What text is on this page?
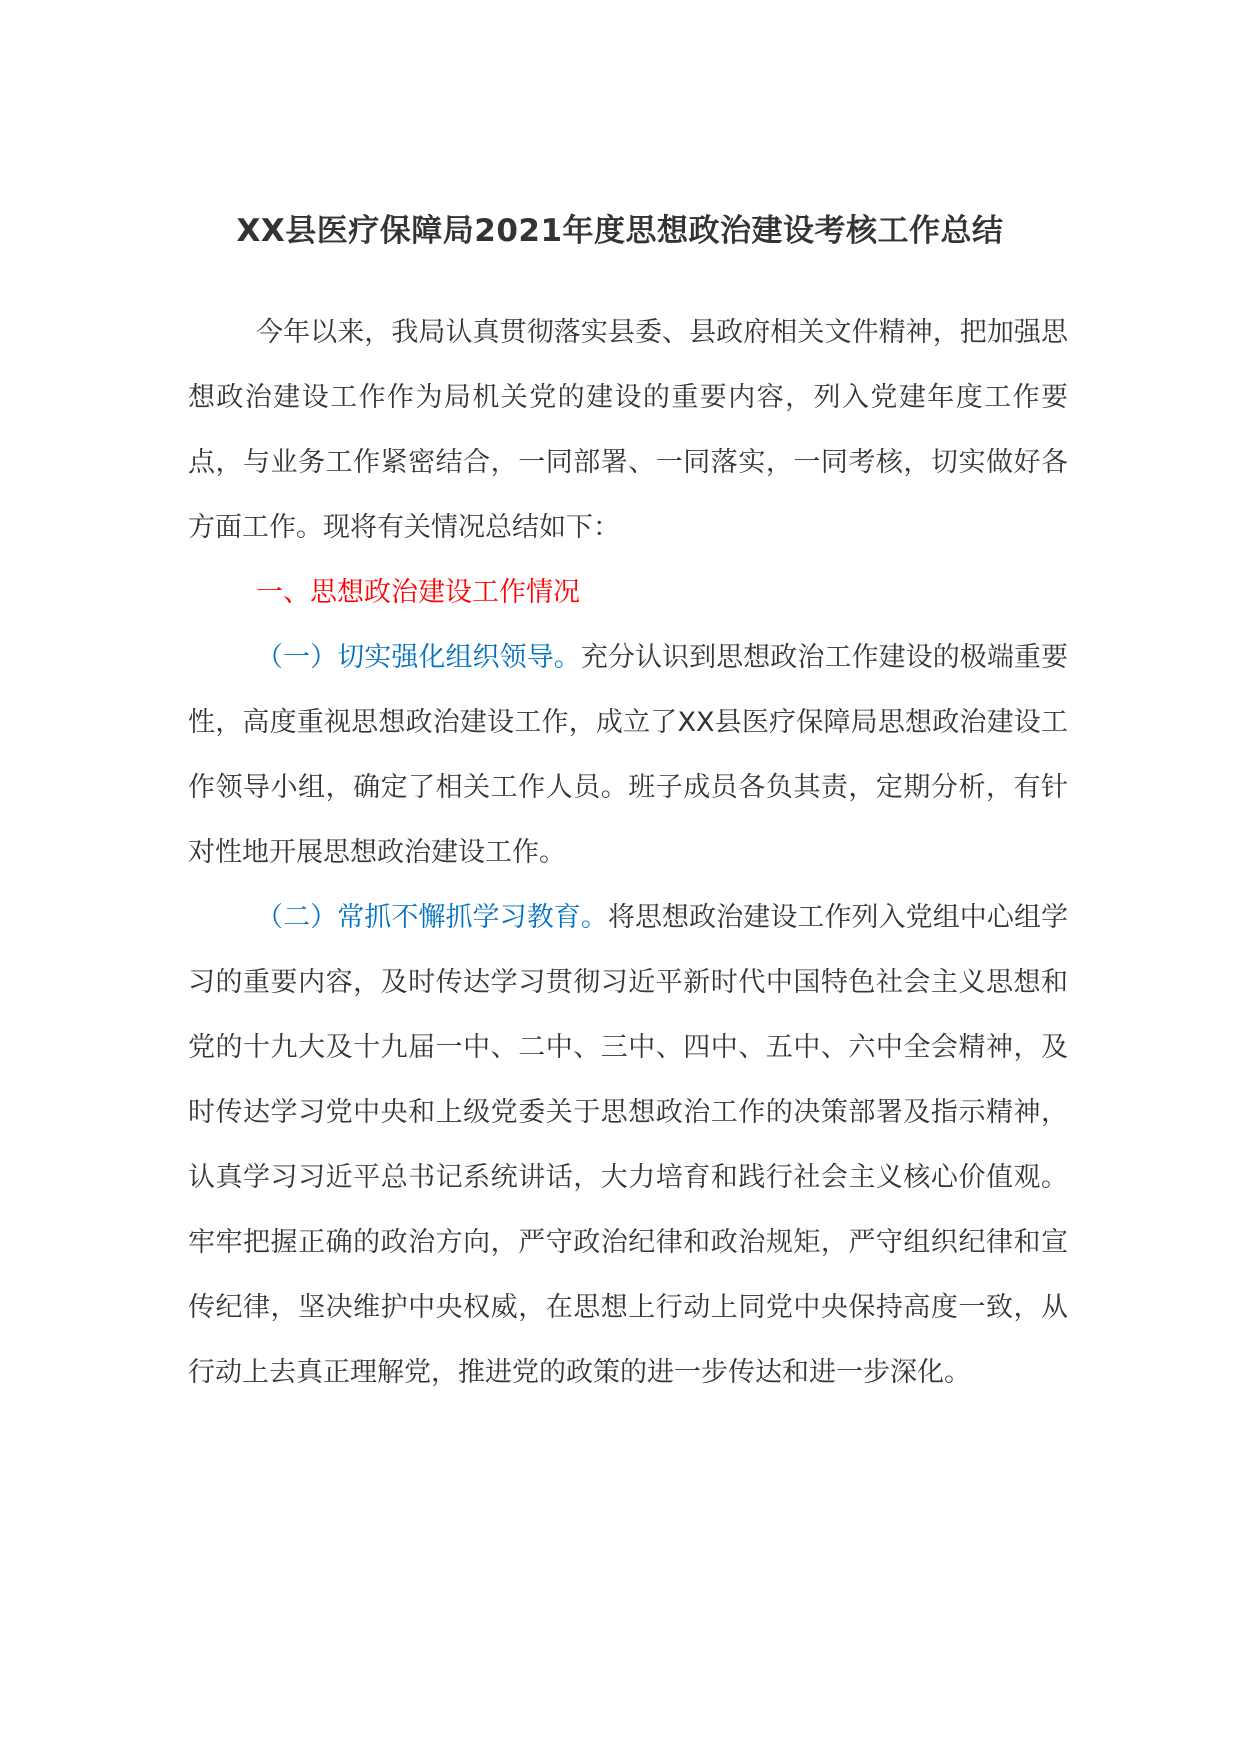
XX县医疗保障局2021年度思想政治建设考核工作总结

今年以来，我局认真贯彻落实县委、县政府相关文件精神，把加强思想政治建设工作作为局机关党的建设的重要内容，列入党建年度工作要点，与业务工作紧密结合，一同部署、一同落实，一同考核，切实做好各方面工作。现将有关情况总结如下：

一、思想政治建设工作情况

（一）切实强化组织领导。充分认识到思想政治工作建设的极端重要性，高度重视思想政治建设工作，成立了XX县医疗保障局思想政治建设工作领导小组，确定了相关工作人员。班子成员各负其责，定期分析，有针对性地开展思想政治建设工作。

（二）常抓不懈抓学习教育。将思想政治建设工作列入党组中心组学习的重要内容，及时传达学习贯彻习近平新时代中国特色社会主义思想和党的十九大及十九届一中、二中、三中、四中、五中、六中全会精神，及时传达学习党中央和上级党委关于思想政治工作的决策部署及指示精神，认真学习习近平总书记系统讲话，大力培育和践行社会主义核心价值观。牢牢把握正确的政治方向，严守政治纪律和政治规矩，严守组织纪律和宣传纪律，坚决维护中央权威，在思想上行动上同党中央保持高度一致，从行动上去真正理解党，推进党的政策的进一步传达和进一步深化。
